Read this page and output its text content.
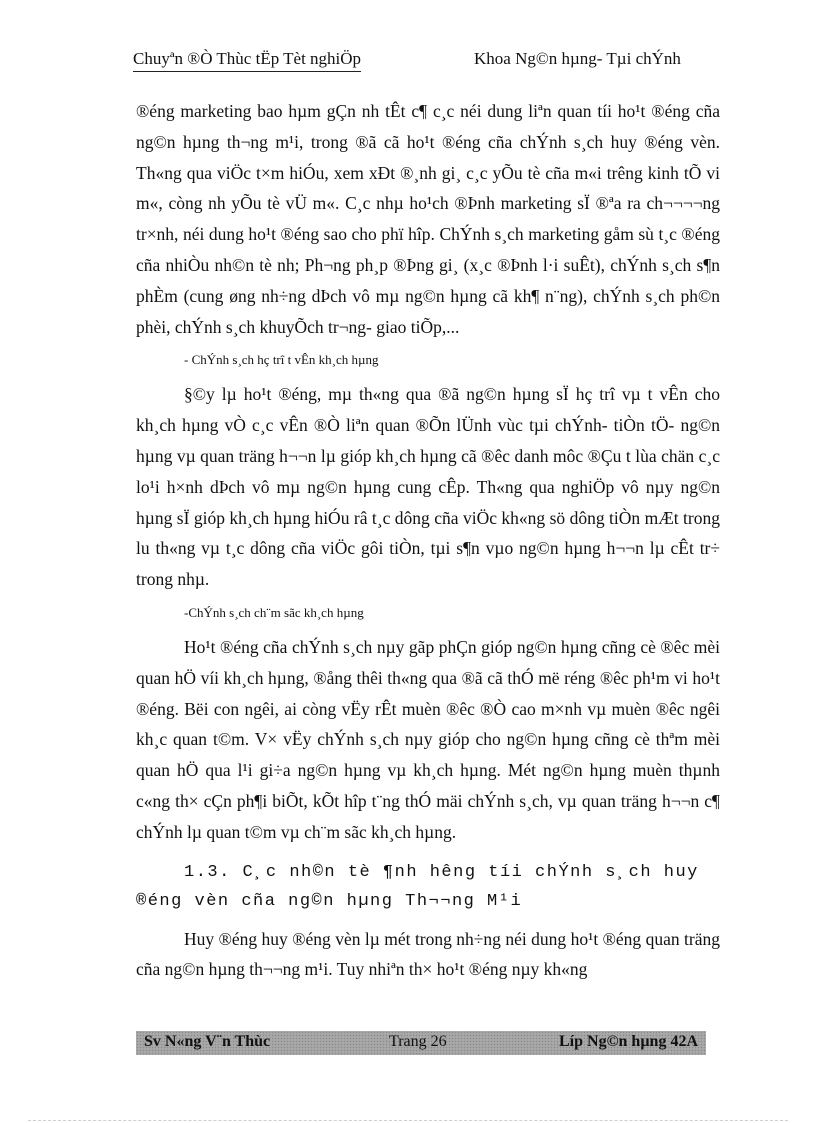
Chuyªn ®Ò Thùc tËp Tèt nghiÖp	Khoa Ng©n hµng- Tµi chÝnh

®éng marketing bao hµm gÇn nh tÊt c¶ c¸c néi dung liªn quan tíi ho¹t ®éng cña ng©n hµng th¬ng m¹i, trong ®ã cã ho¹t ®éng cña chÝnh s¸ch huy ®éng vèn. Th«ng qua viÖc t×m hiÓu, xem xÐt ®¸nh gi¸ c¸c yÕu tè cña m«i trêng kinh tÕ vi m«, còng nh yÕu tè vÜ m«. C¸c nhµ ho¹ch ®Þnh marketing sÏ ®ªa ra ch¬¬¬¬ng tr×nh, néi dung ho¹t ®éng sao cho phï hîp. ChÝnh s¸ch marketing gåm sù t¸c ®éng cña nhiÒu nh©n tè nh; Ph¬ng ph¸p ®Þng gi¸ (x¸c ®Þnh l·i suÊt), chÝnh s¸ch s¶n phÈm (cung øng nh÷ng dÞch vô mµ ng©n hµng cã kh¶ n¨ng), chÝnh s¸ch ph©n phèi, chÝnh s¸ch khuyÕch tr¬ng- giao tiÕp,...

- ChÝnh s¸ch hç trî t vÊn kh¸ch hµng

§©y lµ ho¹t ®éng, mµ th«ng qua ®ã ng©n hµng sÏ hç trî vµ t vÊn cho kh¸ch hµng vÒ c¸c vÊn ®Ò liªn quan ®Õn lÜnh vùc tµi chÝnh- tiÒn tÖ- ng©n hµng vµ quan träng h¬¬n lµ gióp kh¸ch hµng cã ®êc danh môc ®Çu t lùa chän c¸c lo¹i h×nh dÞch vô mµ ng©n hµng cung cÊp. Th«ng qua nghiÖp vô nµy ng©n hµng sÏ gióp kh¸ch hµng hiÓu râ t¸c dông cña viÖc kh«ng sö dông tiÒn mÆt trong lu th«ng vµ t¸c dông cña viÖc gôi tiÒn, tµi s¶n vµo ng©n hµng h¬¬n lµ cÊt tr÷ trong nhµ.

-ChÝnh s¸ch ch¨m sãc kh¸ch hµng

Ho¹t ®éng cña chÝnh s¸ch nµy gãp phÇn gióp ng©n hµng cñng cè ®êc mèi quan hÖ víi kh¸ch hµng, ®ång thêi th«ng qua ®ã cã thÓ më réng ®êc ph¹m vi ho¹t ®éng. Bëi con ngêi, ai còng vËy rÊt muèn ®êc ®Ò cao m×nh vµ muèn ®êc ngêi kh¸c quan t©m. V× vËy chÝnh s¸ch nµy gióp cho ng©n hµng cñng cè thªm mèi quan hÖ qua l¹i gi÷a ng©n hµng vµ kh¸ch hµng. Mét ng©n hµng muèn thµnh c«ng th× cÇn ph¶i biÕt, kÕt hîp t¨ng thÓ mäi chÝnh s¸ch, vµ quan träng h¬¬n c¶ chÝnh lµ quan t©m vµ ch¨m sãc kh¸ch hµng.

1.3. C¸c nh©n tè ¶nh hêng tíi chÝnh s¸ch huy ®éng vèn cña ng©n hµng Th¬¬ng M¹i

Huy ®éng huy ®éng vèn lµ mét trong nh÷ng néi dung ho¹t ®éng quan träng cña ng©n hµng th¬¬ng m¹i. Tuy nhiªn th× ho¹t ®éng nµy kh«ng

Sv N«ng V¨n Thùc	Trang 26	Líp Ng©n hµng 42A
